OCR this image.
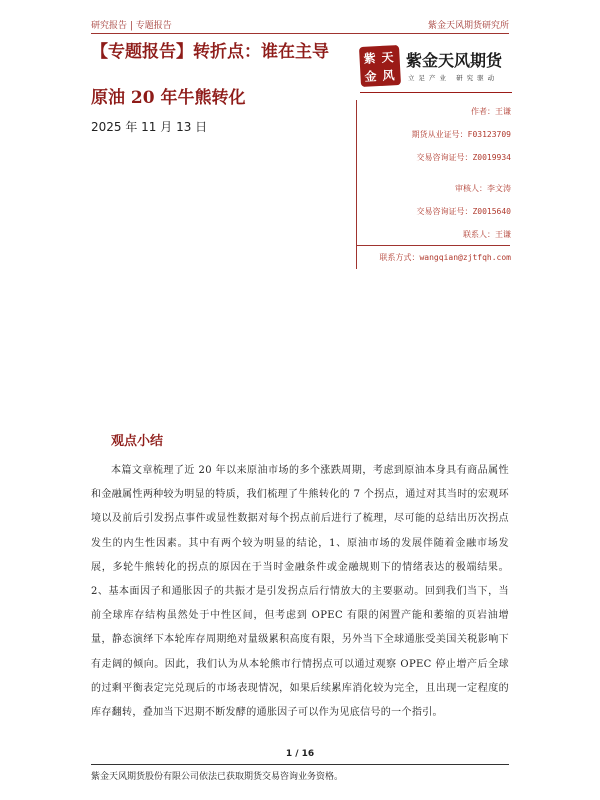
研究报告 | 专题报告	紫金天风期货研究所
【专题报告】转折点：谁在主导
原油 20 年牛熊转化
2025 年 11 月 13 日
紫 天
金 风
紫金天风期货
立足产业 研究驱动
作者：王谦
期货从业证号：F03123709
交易咨询证号：Z0019934
审核人：李文涛
交易咨询证号：Z0015640
联系人：王谦
联系方式：wangqian@zjtfqh.com
观点小结
本篇文章梳理了近 20 年以来原油市场的多个涨跌周期，考虑到原油本身具有商品属性和金融属性两种较为明显的特质，我们梳理了牛熊转化的 7 个拐点，通过对其当时的宏观环境以及前后引发拐点事件或显性数据对每个拐点前后进行了梳理，尽可能的总结出历次拐点发生的内生性因素。其中有两个较为明显的结论，1、原油市场的发展伴随着金融市场发展，多轮牛熊转化的拐点的原因在于当时金融条件或金融规则下的情绪表达的极端结果。2、基本面因子和通胀因子的共振才是引发拐点后行情放大的主要驱动。回到我们当下，当前全球库存结构虽然处于中性区间，但考虑到 OPEC 有限的闲置产能和萎缩的页岩油增量，静态演绎下本轮库存周期绝对量级累积高度有限，另外当下全球通胀受美国关税影响下有走阔的倾向。因此，我们认为从本轮熊市行情拐点可以通过观察 OPEC 停止增产后全球的过剩平衡表定完兑现后的市场表现情况，如果后续累库消化较为完全，且出现一定程度的库存翻转，叠加当下迟期不断发酵的通胀因子可以作为见底信号的一个指引。
1 / 16
紫金天风期货股份有限公司依法已获取期货交易咨询业务资格。
